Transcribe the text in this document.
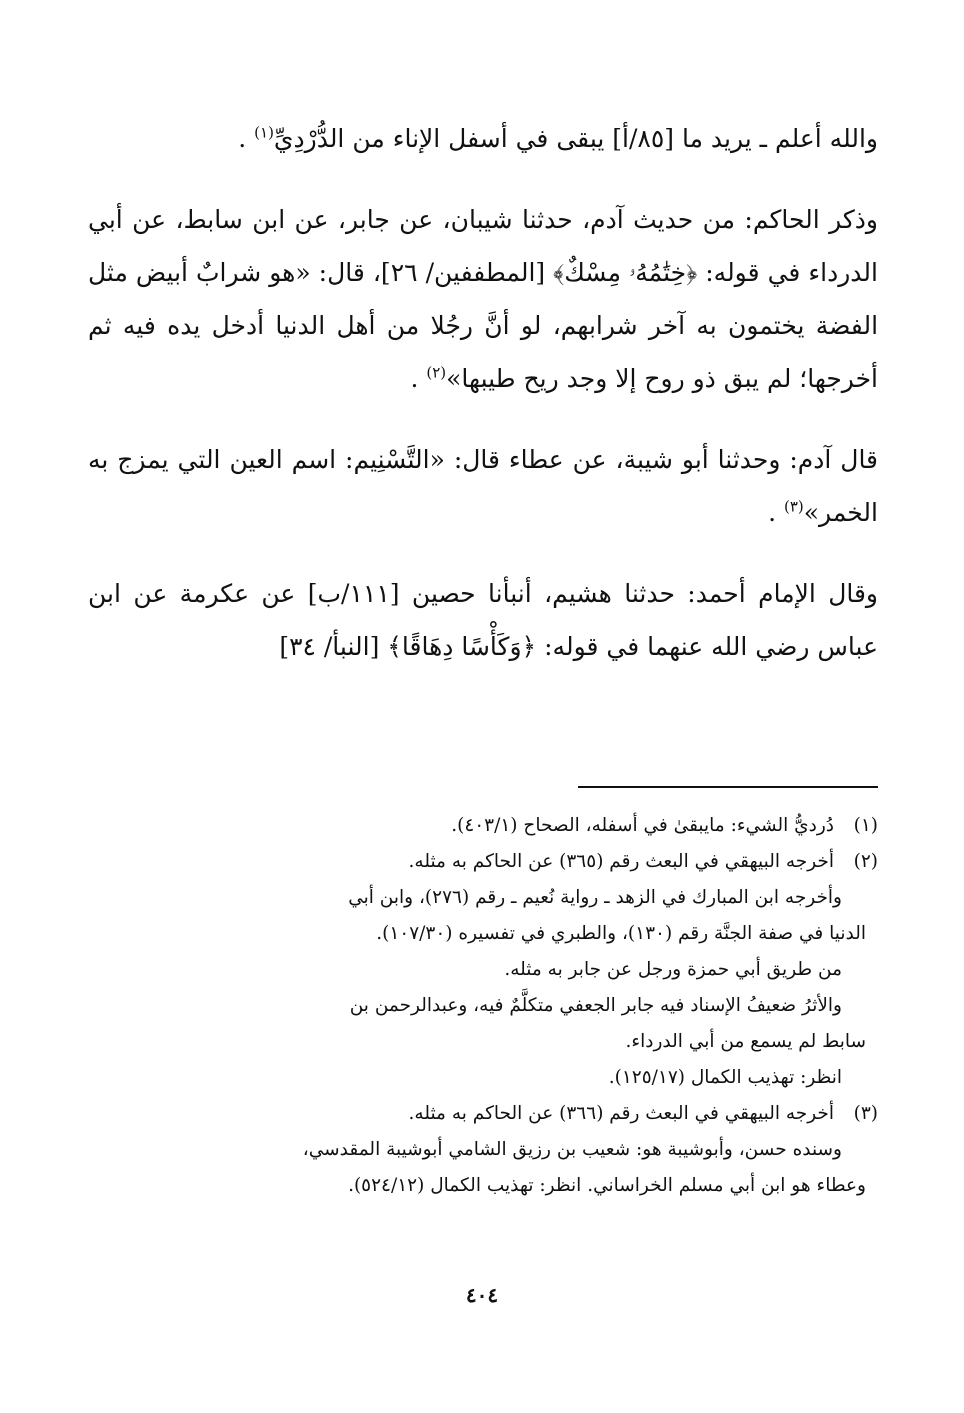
والله أعلم ـ يريد ما [٨٥/أ] يبقى في أسفل الإناء من الدُّرْدِيِّ$^{(١)}$ .

وذكر الحاكم: من حديث آدم، حدثنا شيبان، عن جابر، عن ابن سابط، عن أبي الدرداء في قوله: ﴿خِتَٰمُهُۥ مِسْكٌ﴾ [المطففين/ ٢٦]، قال: «هو شرابٌ أبيض مثل الفضة يختمون به آخر شرابهم، لو أنَّ رجُلا من أهل الدنيا أدخل يده فيه ثم أخرجها؛ لم يبق ذو روح إلا وجد ريح طيبها»$^{(٢)}$ .

قال آدم: وحدثنا أبو شيبة، عن عطاء قال: «التَّسْنِيم: اسم العين التي يمزج به الخمر»$^{(٣)}$ .

وقال الإمام أحمد: حدثنا هشيم، أنبأنا حصين [١١١/ب] عن عكرمة عن ابن عباس رضي الله عنهما في قوله: ﴿وَكَأْسًا دِهَاقًا﴾ [النبأ/ ٣٤]

(١)دُرديُّ الشيء: مايبقىٰ في أسفله، الصحاح (٤٠٣/١).

(٢)أخرجه البيهقي في البعث رقم (٣٦٥) عن الحاكم به مثله.

وأخرجه ابن المبارك في الزهد ـ رواية نُعيم ـ رقم (٢٧٦)، وابن أبي

الدنيا في صفة الجنَّة رقم (١٣٠)، والطبري في تفسيره (١٠٧/٣٠).

من طريق أبي حمزة ورجل عن جابر به مثله.

والأثرُ ضعيفُ الإسناد فيه جابر الجعفي متكلَّمٌ فيه، وعبدالرحمن بن

سابط لم يسمع من أبي الدرداء.

انظر: تهذيب الكمال (١٢٥/١٧).

(٣)أخرجه البيهقي في البعث رقم (٣٦٦) عن الحاكم به مثله.

وسنده حسن، وأبوشيبة هو: شعيب بن رزيق الشامي أبوشيبة المقدسي،

وعطاء هو ابن أبي مسلم الخراساني. انظر: تهذيب الكمال (٥٢٤/١٢).

٤٠٤
